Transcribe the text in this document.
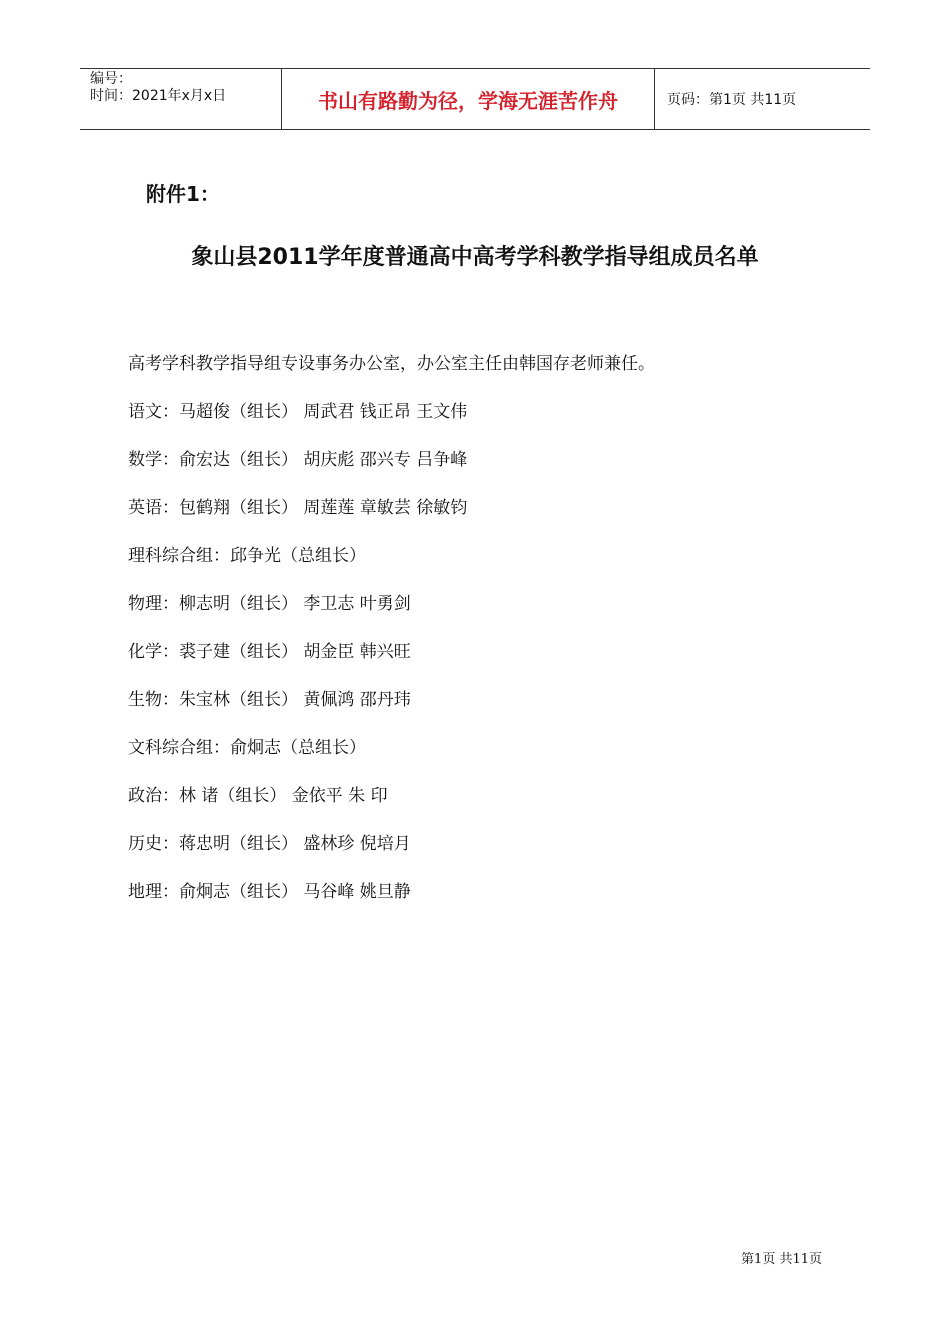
编号：
时间：2021年x月x日	书山有路勤为径，学海无涯苦作舟	页码：第1页 共11页
附件1：
象山县2011学年度普通高中高考学科教学指导组成员名单
高考学科教学指导组专设事务办公室，办公室主任由韩国存老师兼任。
语文：马超俊（组长） 周武君 钱正昂 王文伟
数学：俞宏达（组长） 胡庆彪 邵兴专 吕争峰
英语：包鹤翔（组长） 周莲莲 章敏芸 徐敏钧
理科综合组：邱争光（总组长）
物理：柳志明（组长） 李卫志 叶勇剑
化学：裘子建（组长） 胡金臣 韩兴旺
生物：朱宝林（组长） 黄佩鸿 邵丹玮
文科综合组：俞炯志（总组长）
政治：林 诸（组长） 金依平 朱 印
历史：蒋忠明（组长） 盛林珍 倪培月
地理：俞炯志（组长） 马谷峰 姚旦静
第1页 共11页
